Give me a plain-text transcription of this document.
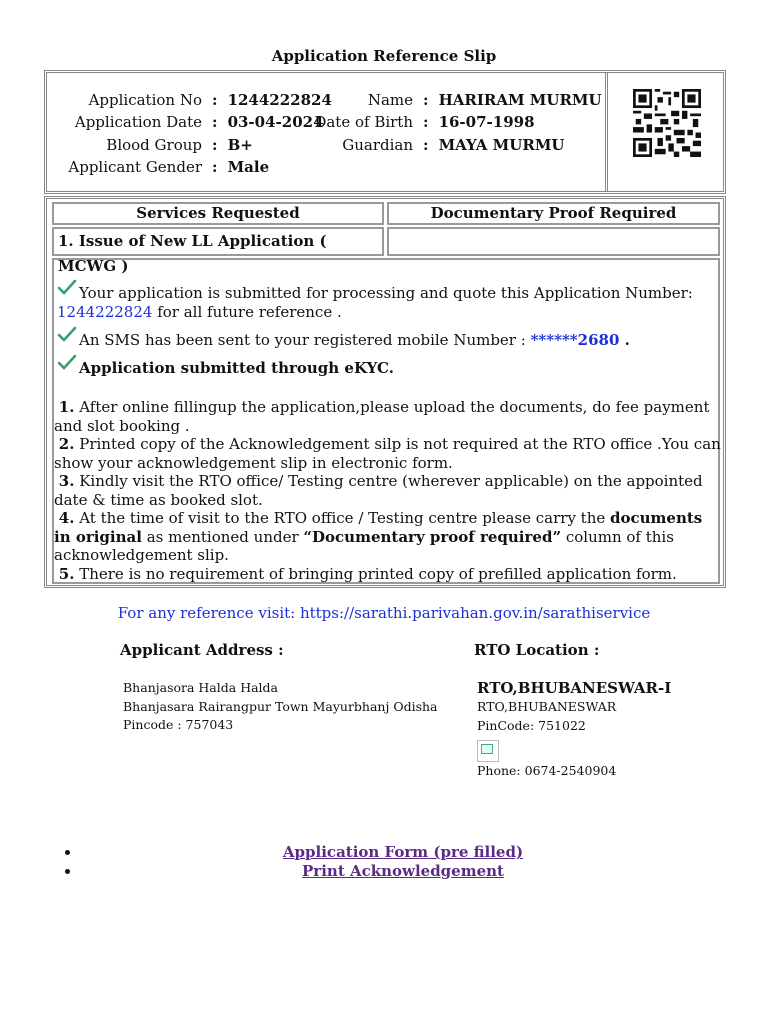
Application Reference Slip
Application No : 1244222824
Application Date : 03-04-2024
Blood Group : B+
Applicant Gender : Male
Name : HARIRAM MURMU
Date of Birth : 16-07-1998
Guardian : MAYA MURMU
Services Requested	Documentary Proof Required
1. Issue of New LL Application ( MCWG )
Your application is submitted for processing and quote this Application Number:
1244222824 for all future reference .
An SMS has been sent to your registered mobile Number : ******2680 .
Application submitted through eKYC.

1. After online fillingup the application,please upload the documents, do fee payment and slot booking .

2. Printed copy of the Acknowledgement silp is not required at the RTO office .You can show your acknowledgement slip in electronic form.

3. Kindly visit the RTO office/ Testing centre (wherever applicable) on the appointed date & time as booked slot.

4. At the time of visit to the RTO office / Testing centre please carry the documents in original as mentioned under “Documentary proof required” column of this acknowledgement slip.

5. There is no requirement of bringing printed copy of prefilled application form.

For any reference visit: https://sarathi.parivahan.gov.in/sarathiservice
Applicant Address :	RTO Location :
Bhanjasora Halda Halda
Bhanjasara Rairangpur Town Mayurbhanj Odisha
Pincode : 757043
RTO,BHUBANESWAR-I
RTO,BHUBANESWAR
PinCode: 751022
Phone: 0674-2540904
Application Form (pre filled)
Print Acknowledgement
